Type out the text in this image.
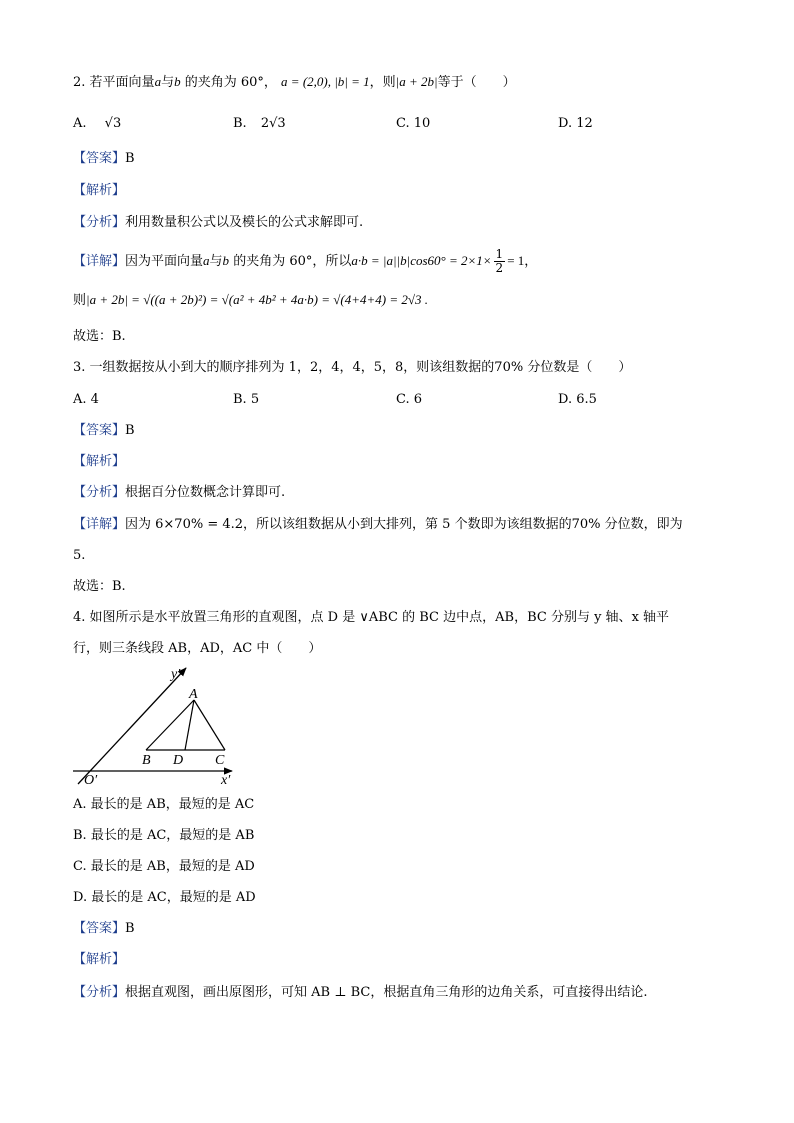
2. 若平面向量a与b 的夹角为 60°， a = (2,0), |b| = 1，则|a + 2b|等于（　　）
A. √3	B. 2√3	C. 10	D. 12
【答案】B
【解析】
【分析】利用数量积公式以及模长的公式求解即可.
【详解】因为平面向量a与b 的夹角为 60°，所以$a\cdot b = |a||b|\cos 60^\circ = 2\times 1\times \frac{1}{2} = 1$，
则|a + 2b| = √((a + 2b)²) = √(a² + 4b² + 4a·b) = √(4+4+4) = 2√3 .
故选：B.
3. 一组数据按从小到大的顺序排列为 1，2，4，4，5，8，则该组数据的70% 分位数是（　　）
A. 4	B. 5	C. 6	D. 6.5
【答案】B
【解析】
【分析】根据百分位数概念计算即可.
【详解】因为 6×70% = 4.2，所以该组数据从小到大排列，第 5 个数即为该组数据的70% 分位数，即为
5.
故选：B.
4. 如图所示是水平放置三角形的直观图，点 D 是 ∨ABC 的 BC 边中点，AB，BC 分别与 y 轴、x 轴平
行，则三条线段 AB，AD，AC 中（　　）
y′
x′
O′
A
B D C
A. 最长的是 AB，最短的是 AC
B. 最长的是 AC，最短的是 AB
C. 最长的是 AB，最短的是 AD
D. 最长的是 AC，最短的是 AD
【答案】B
【解析】
【分析】根据直观图，画出原图形，可知 AB ⊥ BC，根据直角三角形的边角关系，可直接得出结论.
